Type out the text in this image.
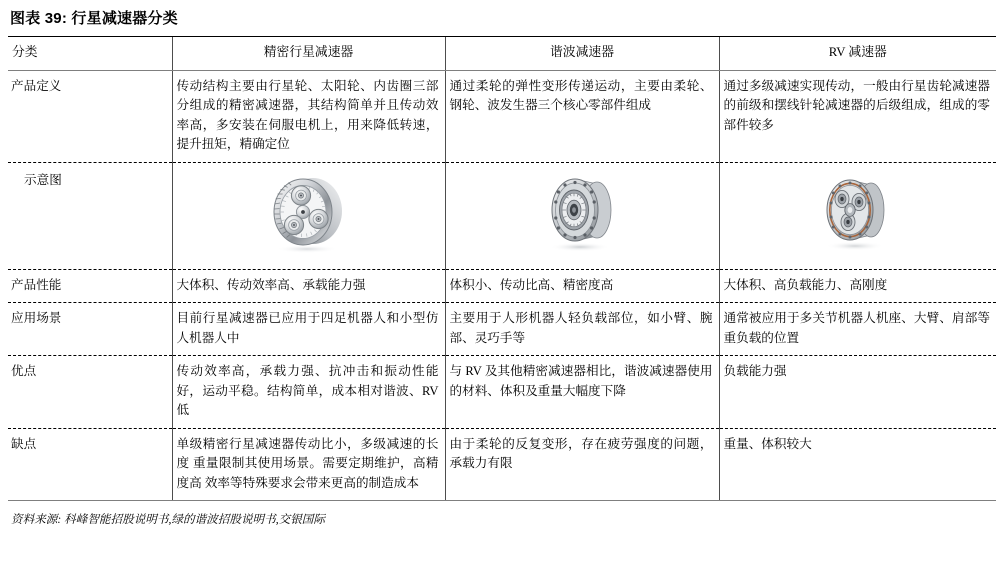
图表 39: 行星减速器分类
分类	精密行星减速器	谐波减速器	RV 减速器
产品定义	传动结构主要由行星轮、太阳轮、内齿圈三部分组成的精密减速器，其结构简单并且传动效率高，多安装在伺服电机上，用来降低转速，提升扭矩，精确定位	通过柔轮的弹性变形传递运动，主要由柔轮、钢轮、波发生器三个核心零部件组成	通过多级减速实现传动，一般由行星齿轮减速器的前级和摆线针轮减速器的后级组成，组成的零部件较多
示意图	

产品性能	大体积、传动效率高、承载能力强	体积小、传动比高、精密度高	大体积、高负载能力、高刚度
应用场景	目前行星减速器已应用于四足机器人和小型仿人机器人中	主要用于人形机器人轻负载部位，如小臂、腕部、灵巧手等	通常被应用于多关节机器人机座、大臂、肩部等重负载的位置
优点	传动效率高，承载力强、抗冲击和振动性能好，运动平稳。结构简单，成本相对谐波、RV 低	与 RV 及其他精密减速器相比，谐波减速器使用的材料、体积及重量大幅度下降	负载能力强
缺点	单级精密行星减速器传动比小，多级减速的长度 重量限制其使用场景。需要定期维护，高精度高 效率等特殊要求会带来更高的制造成本	由于柔轮的反复变形，存在疲劳强度的问题， 承载力有限	重量、体积较大
资料来源: 科峰智能招股说明书,绿的谐波招股说明书,交银国际
